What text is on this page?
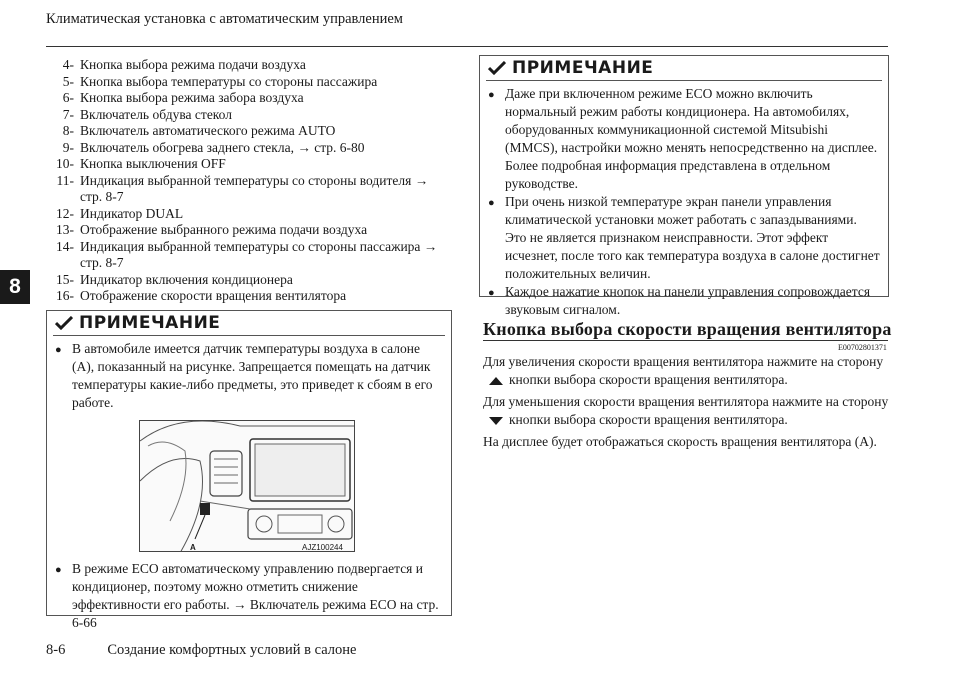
Климатическая установка с автоматическим управлением
8
4- Кнопка выбора режима подачи воздуха
5- Кнопка выбора температуры со стороны пассажира
6- Кнопка выбора режима забора воздуха
7- Включатель обдува стекол
8- Включатель автоматического режима AUTO
9- Включатель обогрева заднего стекла, → стр. 6-80
10- Кнопка выключения OFF
11- Индикация выбранной температуры со стороны водителя → стр. 8-7
12- Индикатор DUAL
13- Отображение выбранного режима подачи воздуха
14- Индикация выбранной температуры со стороны пассажира → стр. 8-7
15- Индикатор включения кондиционера
16- Отображение скорости вращения вентилятора
ПРИМЕЧАНИЕ
● В автомобиле имеется датчик температуры воздуха в салоне (A), показанный на рисунке. Запрещается помещать на датчик температуры какие-либо предметы, это приведет к сбоям в его работе.
A	AJZ100244
● В режиме ECO автоматическому управлению подвергается и кондиционер, поэтому можно отметить снижение эффективности его работы. → Включатель режима ECO на стр. 6-66
ПРИМЕЧАНИЕ
● Даже при включенном режиме ECO можно включить нормальный режим работы кондиционера. На автомобилях, оборудованных коммуникационной системой Mitsubishi (MMCS), настройки можно менять непосредственно на дисплее. Более подробная информация представлена в отдельном руководстве.
● При очень низкой температуре экран панели управления климатической установки может работать с запаздываниями. Это не является признаком неисправности. Этот эффект исчезнет, после того как температура воздуха в салоне достигнет положительных величин.
● Каждое нажатие кнопок на панели управления сопровождается звуковым сигналом.
Кнопка выбора скорости вращения вентилятора
E00702801371

Для увеличения скорости вращения вентилятора нажмите на сторону кнопки выбора скорости вращения вентилятора.

Для уменьшения скорости вращения вентилятора нажмите на сторону кнопки выбора скорости вращения вентилятора.

На дисплее будет отображаться скорость вращения вентилятора (A).

8-6	Создание комфортных условий в салоне
